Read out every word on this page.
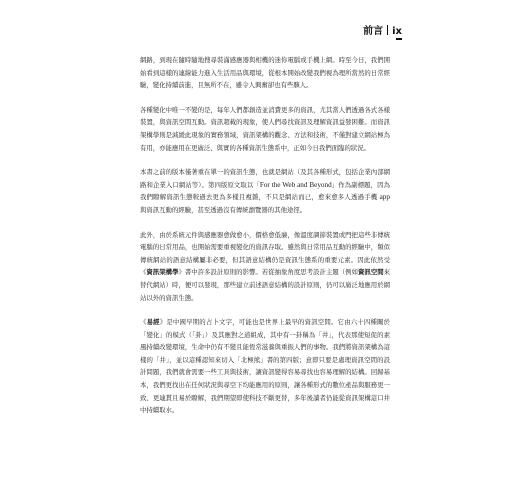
前言 ix

網路，到現在隨時隨地搜尋裝滿感應器與相機的迷你電腦或手機上網。時至今日，我們開始看到這樣的連線能力進入生活用品與環境，從根本開始改變我們視為理所當然的日常經驗，變化持續前進，且無所不在，雖令人興奮卻也有些駭人。

各種變化中唯一不變的是，每年人們都創造並消費更多的資訊，尤其當人們透過各式各樣裝置，與資訊空間互動。資訊超載的現象，使人們尋找資訊及理解資訊益發困難。而資訊架構學則是減緩此現象的實務領域，資訊架構的觀念、方法和技術，不僅對建立網站極為有用，亦能應用在更廣泛、與實的各種資訊生態系中，正如今日我們面臨的狀況。

本書之前的版本僅著重在單一的資訊生態，也就是網站（及其各種形式，包括企業內部網路和企業入口網站等）。第四版原文取以「For the Web and Beyond」作為副標題，因為我們瞭解資訊生態較過去更為多樣且複雜，不只是網站而已，愈來愈多人透過手機 app 與資訊互動的經驗，甚至透過沒有傳統瀏覽器的其他途徑。

此外，由於系統元件與感應器愈做愈小，價格愈低廉，像溫度調節裝置或門把這些非傳統電腦的日常用品，也開始需要重視變化的資訊存取。雖然與日常用品互動的經驗中，類似傳統網站的語意結構屬非必要，但其語意結構仍是資訊生態系的重要元素。因此依然受《資訊架構學》書中許多設計原則的影響。若從抽象角度思考設計主題（例如資訊空間來替代網站）時，便可以發現，那些建立前述語意結構的設計原則，仍可以廣泛地應用於網站以外的資訊生態。

《易經》是中國早期的占卜文字，可能也是世界上最早的資訊空間。它由六十四種關於「變化」的模式（「卦」）及其應對之道組成，其中有一卦稱為「井」，代表那使短促的素風持續改變環境，生命中仍有不變且能恆常滋養與重振人們的事物。我們將資訊架構為這樣的「井」，並以這種認知來切入「北極熊」書的第四版；意即只要是處理資訊空間的設計問題，我們就會需要一些工具與技術，讓資訊變得容易尋找也容易理解的結構。回歸基本，我們更找出在任何狀況與尋空下均能應用的原則，讓各種形式的數位產品與服務更一致、更連貫且易於瞭解，我們期望即使科技不斷更替，多年後讀者仍能從資訊架構這口井中持續取水。
